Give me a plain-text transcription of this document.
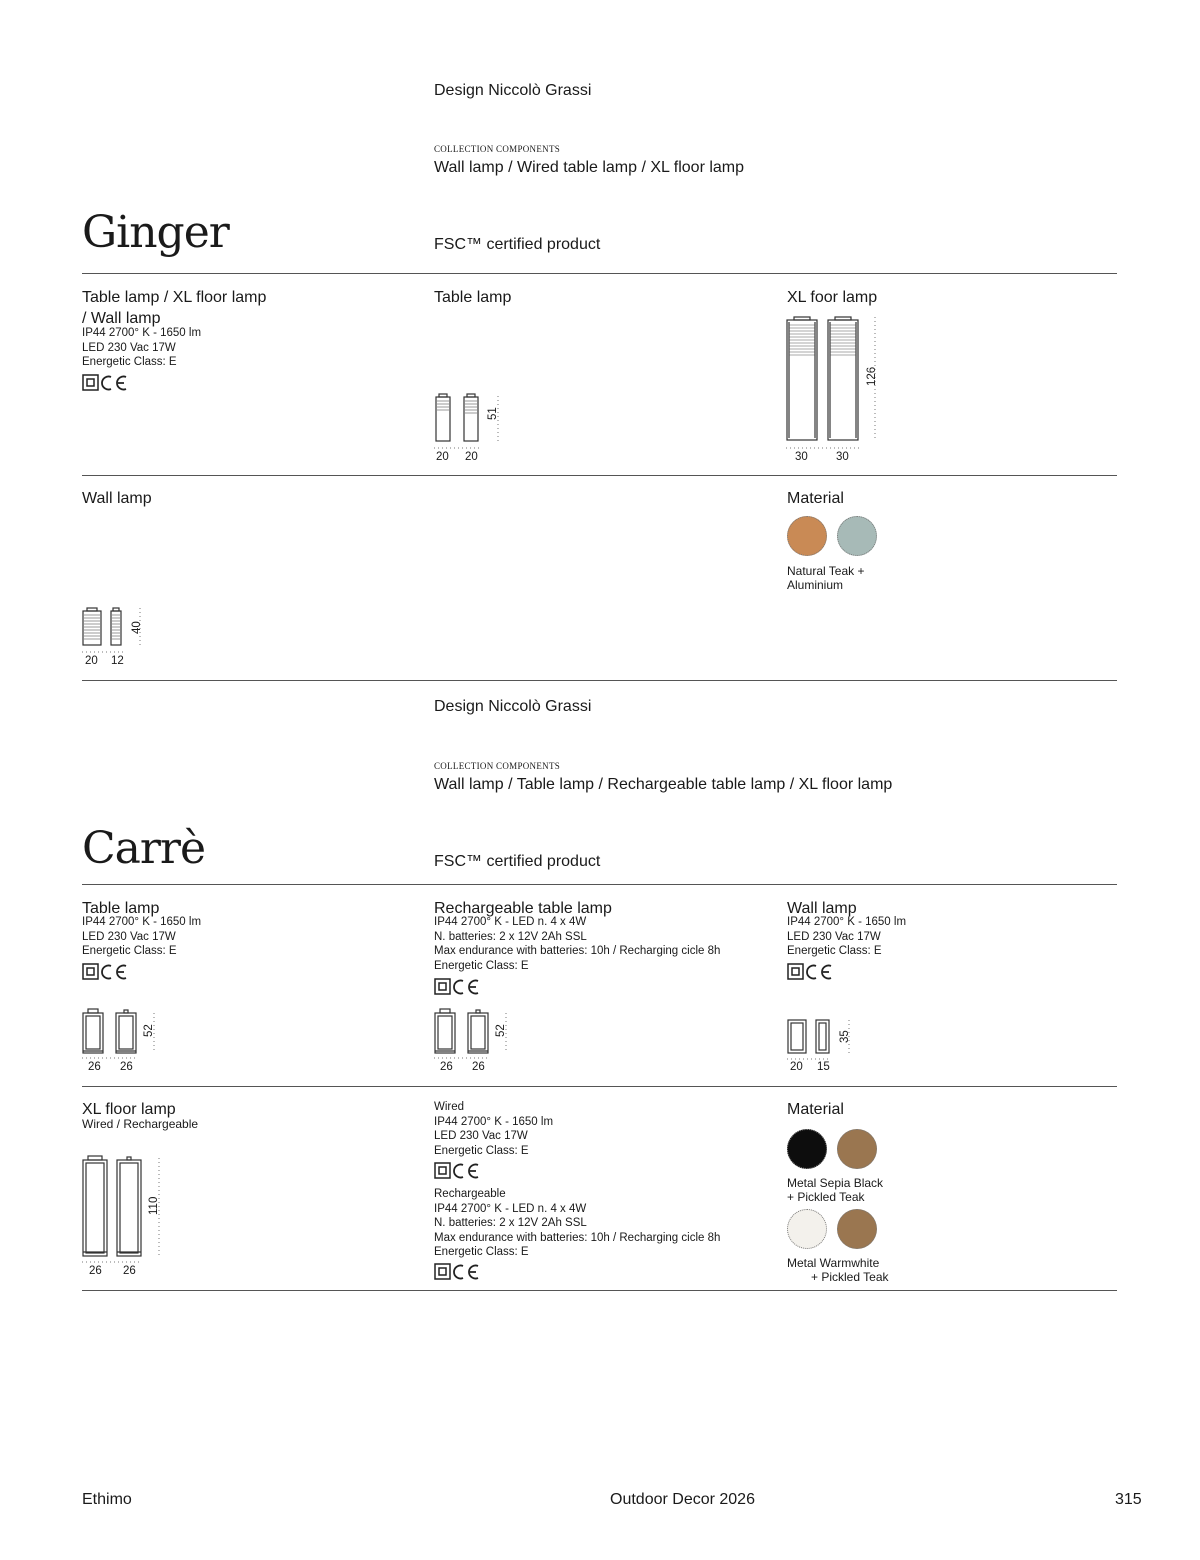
Design Niccolò Grassi
COLLECTION COMPONENTS
Wall lamp / Wired table lamp / XL floor lamp
Ginger	FSC™ certified product
Table lamp / XL floor lamp
/ Wall lamp
IP44 2700° K - 1650 lm
LED 230 Vac 17W
Energetic Class: E
Table lamp
20 20
51
XL foor lamp
30 30
126
Wall lamp
20 12
40
Material
Natural Teak +
Aluminium
Design Niccolò Grassi
COLLECTION COMPONENTS
Wall lamp / Table lamp / Rechargeable table lamp / XL floor lamp
Carrè	FSC™ certified product
Table lamp
IP44 2700° K - 1650 lm
LED 230 Vac 17W
Energetic Class: E
26 26
52
Rechargeable table lamp
IP44 2700° K - LED n. 4 x 4W
N. batteries: 2 x 12V 2Ah SSL
Max endurance with batteries: 10h / Recharging cicle 8h
Energetic Class: E
26 26
52
Wall lamp
IP44 2700° K - 1650 lm
LED 230 Vac 17W
Energetic Class: E
20 15
35
XL floor lamp
Wired / Rechargeable
26 26
110
Wired
IP44 2700° K - 1650 lm
LED 230 Vac 17W
Energetic Class: E
Rechargeable
IP44 2700° K - LED n. 4 x 4W
N. batteries: 2 x 12V 2Ah SSL
Max endurance with batteries: 10h / Recharging cicle 8h
Energetic Class: E
Material
Metal Sepia Black
+ Pickled Teak
Metal Warmwhite
+ Pickled Teak
Ethimo	Outdoor Decor 2026	315
